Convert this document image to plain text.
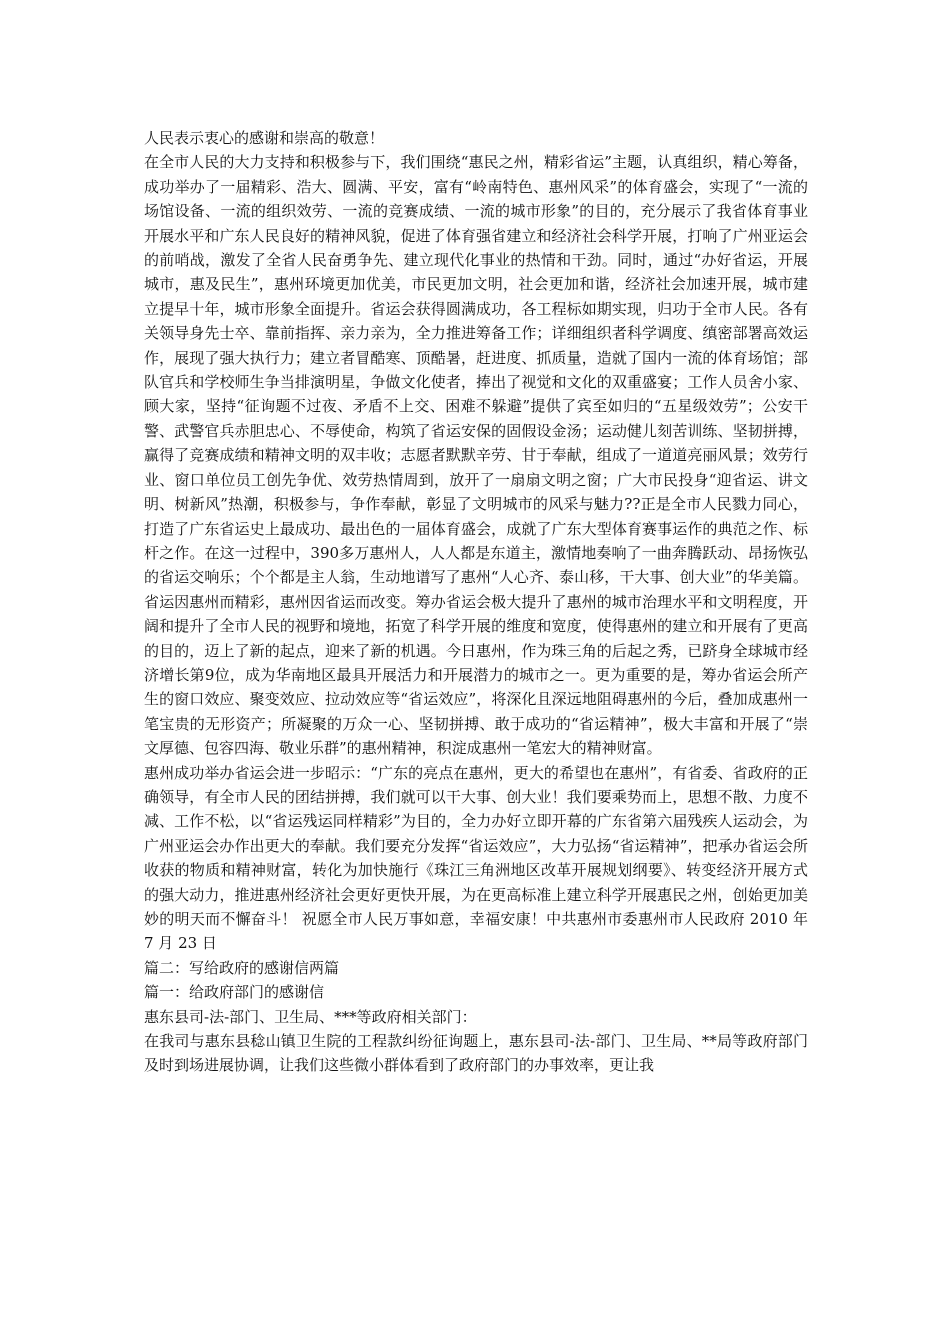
人民表示衷心的感谢和崇高的敬意！

在全市人民的大力支持和积极参与下，我们围绕“惠民之州，精彩省运”主题，认真组织，精心筹备，成功举办了一届精彩、浩大、圆满、平安，富有“岭南特色、惠州风采”的体育盛会，实现了“一流的场馆设备、一流的组织效劳、一流的竞赛成绩、一流的城市形象”的目的，充分展示了我省体育事业开展水平和广东人民良好的精神风貌，促进了体育强省建立和经济社会科学开展，打响了广州亚运会的前哨战，激发了全省人民奋勇争先、建立现代化事业的热情和干劲。同时，通过“办好省运，开展城市，惠及民生”，惠州环境更加优美，市民更加文明，社会更加和谐，经济社会加速开展，城市建立提早十年，城市形象全面提升。省运会获得圆满成功，各工程标如期实现，归功于全市人民。各有关领导身先士卒、靠前指挥、亲力亲为，全力推进筹备工作；详细组织者科学调度、缜密部署高效运作，展现了强大执行力；建立者冒酷寒、顶酷暑，赶进度、抓质量，造就了国内一流的体育场馆；部队官兵和学校师生争当排演明星，争做文化使者，捧出了视觉和文化的双重盛宴；工作人员舍小家、顾大家，坚持“征询题不过夜、矛盾不上交、困难不躲避”提供了宾至如归的“五星级效劳”；公安干警、武警官兵赤胆忠心、不辱使命，构筑了省运安保的固假设金汤；运动健儿刻苦训练、坚韧拼搏，赢得了竞赛成绩和精神文明的双丰收；志愿者默默辛劳、甘于奉献，组成了一道道亮丽风景；效劳行业、窗口单位员工创先争优、效劳热情周到，放开了一扇扇文明之窗；广大市民投身“迎省运、讲文明、树新风”热潮，积极参与，争作奉献，彰显了文明城市的风采与魅力??正是全市人民戮力同心，打造了广东省运史上最成功、最出色的一届体育盛会，成就了广东大型体育赛事运作的典范之作、标杆之作。在这一过程中，390多万惠州人，人人都是东道主，激情地奏响了一曲奔腾跃动、昂扬恢弘的省运交响乐；个个都是主人翁，生动地谱写了惠州“人心齐、泰山移，干大事、创大业”的华美篇。省运因惠州而精彩，惠州因省运而改变。筹办省运会极大提升了惠州的城市治理水平和文明程度，开阔和提升了全市人民的视野和境地，拓宽了科学开展的维度和宽度，使得惠州的建立和开展有了更高的目的，迈上了新的起点，迎来了新的机遇。今日惠州，作为珠三角的后起之秀，已跻身全球城市经济增长第9位，成为华南地区最具开展活力和开展潜力的城市之一。更为重要的是，筹办省运会所产生的窗口效应、聚变效应、拉动效应等“省运效应”，将深化且深远地阻碍惠州的今后，叠加成惠州一笔宝贵的无形资产；所凝聚的万众一心、坚韧拼搏、敢于成功的“省运精神”，极大丰富和开展了“崇文厚德、包容四海、敬业乐群”的惠州精神，积淀成惠州一笔宏大的精神财富。

惠州成功举办省运会进一步昭示：“广东的亮点在惠州，更大的希望也在惠州”，有省委、省政府的正确领导，有全市人民的团结拼搏，我们就可以干大事、创大业！我们要乘势而上，思想不散、力度不减、工作不松，以“省运残运同样精彩”为目的，全力办好立即开幕的广东省第六届残疾人运动会，为广州亚运会办作出更大的奉献。我们要充分发挥“省运效应”，大力弘扬“省运精神”，把承办省运会所收获的物质和精神财富，转化为加快施行《珠江三角洲地区改革开展规划纲要》、转变经济开展方式的强大动力，推进惠州经济社会更好更快开展，为在更高标准上建立科学开展惠民之州，创始更加美妙的明天而不懈奋斗！ 祝愿全市人民万事如意，幸福安康！中共惠州市委惠州市人民政府 2010 年 7 月 23 日

篇二：写给政府的感谢信两篇

篇一：给政府部门的感谢信

惠东县司-法-部门、卫生局、***等政府相关部门：

在我司与惠东县稔山镇卫生院的工程款纠纷征询题上，惠东县司-法-部门、卫生局、**局等政府部门及时到场进展协调，让我们这些微小群体看到了政府部门的办事效率，更让我
